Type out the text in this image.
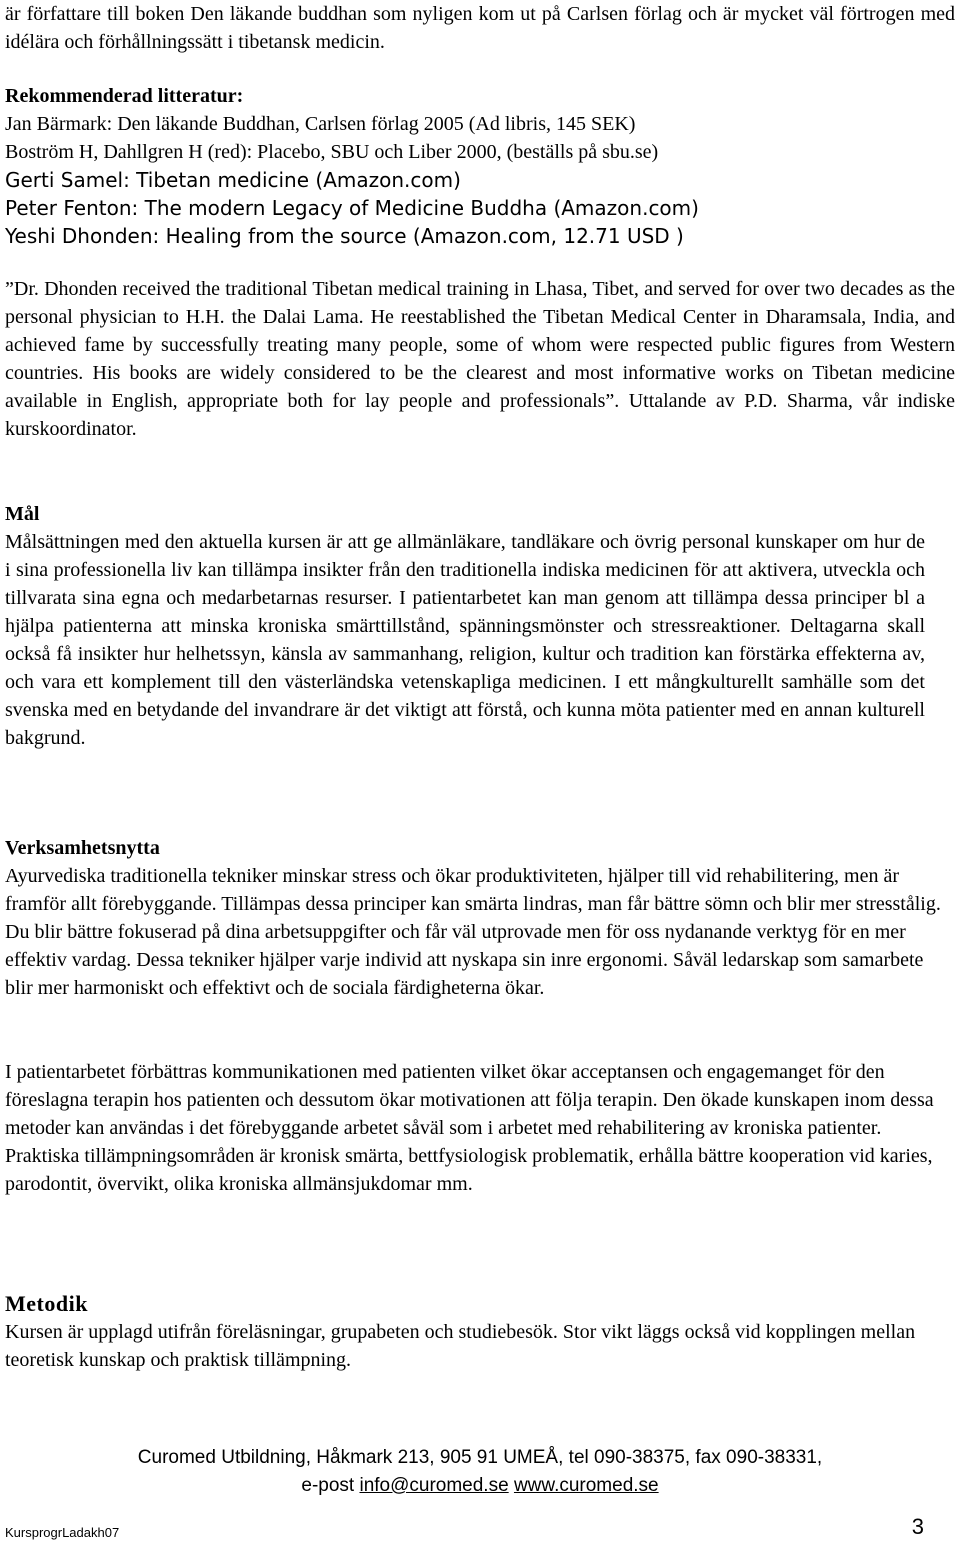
är författare till boken Den läkande buddhan som nyligen kom ut på Carlsen förlag och är mycket väl förtrogen med idélära och förhållningssätt i tibetansk medicin.

Rekommenderad litteratur:
Jan Bärmark: Den läkande Buddhan, Carlsen förlag 2005 (Ad libris, 145 SEK)
Boström H, Dahllgren H (red): Placebo, SBU och Liber 2000, (beställs på sbu.se)
Gerti Samel: Tibetan medicine (Amazon.com)
Peter Fenton: The modern Legacy of Medicine Buddha (Amazon.com)
Yeshi Dhonden: Healing from the source (Amazon.com, 12.71 USD )

”Dr. Dhonden received the traditional Tibetan medical training in Lhasa, Tibet, and served for over two decades as the personal physician to H.H. the Dalai Lama. He reestablished the Tibetan Medical Center in Dharamsala, India, and achieved fame by successfully treating many people, some of whom were respected public figures from Western countries. His books are widely considered to be the clearest and most informative works on Tibetan medicine available in English, appropriate both for lay people and professionals”. Uttalande av P.D. Sharma, vår indiske kurskoordinator.

Mål

Målsättningen med den aktuella kursen är att ge allmänläkare, tandläkare och övrig personal kunskaper om hur de i sina professionella liv kan tillämpa insikter från den traditionella indiska medicinen för att aktivera, utveckla och tillvarata sina egna och medarbetarnas resurser. I patientarbetet kan man genom att tillämpa dessa principer bl a hjälpa patienterna att minska kroniska smärttillstånd, spänningsmönster och stressreaktioner. Deltagarna skall också få insikter hur helhetssyn, känsla av sammanhang, religion, kultur och tradition kan förstärka effekterna av, och vara ett komplement till den västerländska vetenskapliga medicinen. I ett mångkulturellt samhälle som det svenska med en betydande del invandrare är det viktigt att förstå, och kunna möta patienter med en annan kulturell bakgrund.

Verksamhetsnytta

Ayurvediska traditionella tekniker minskar stress och ökar produktiviteten, hjälper till vid rehabilitering, men är framför allt förebyggande. Tillämpas dessa principer kan smärta lindras, man får bättre sömn och blir mer stresstålig. Du blir bättre fokuserad på dina arbetsuppgifter och får väl utprovade men för oss nydanande verktyg för en mer effektiv vardag. Dessa tekniker hjälper varje individ att nyskapa sin inre ergonomi. Såväl ledarskap som samarbete blir mer harmoniskt och effektivt och de sociala färdigheterna ökar.

I patientarbetet förbättras kommunikationen med patienten vilket ökar acceptansen och engagemanget för den föreslagna terapin hos patienten och dessutom ökar motivationen att följa terapin. Den ökade kunskapen inom dessa metoder kan användas i det förebyggande arbetet såväl som i arbetet med rehabilitering av kroniska patienter. Praktiska tillämpningsområden är kronisk smärta, bettfysiologisk problematik, erhålla bättre kooperation vid karies, parodontit, övervikt, olika kroniska allmänsjukdomar mm.

Metodik

Kursen är upplagd utifrån föreläsningar, grupabeten och studiebesök. Stor vikt läggs också vid kopplingen mellan teoretisk kunskap och praktisk tillämpning.

Curomed Utbildning, Håkmark 213, 905 91 UMEÅ, tel 090-38375, fax 090-38331,
e-post info@curomed.se www.curomed.se
KursprogrLadakh07	3
